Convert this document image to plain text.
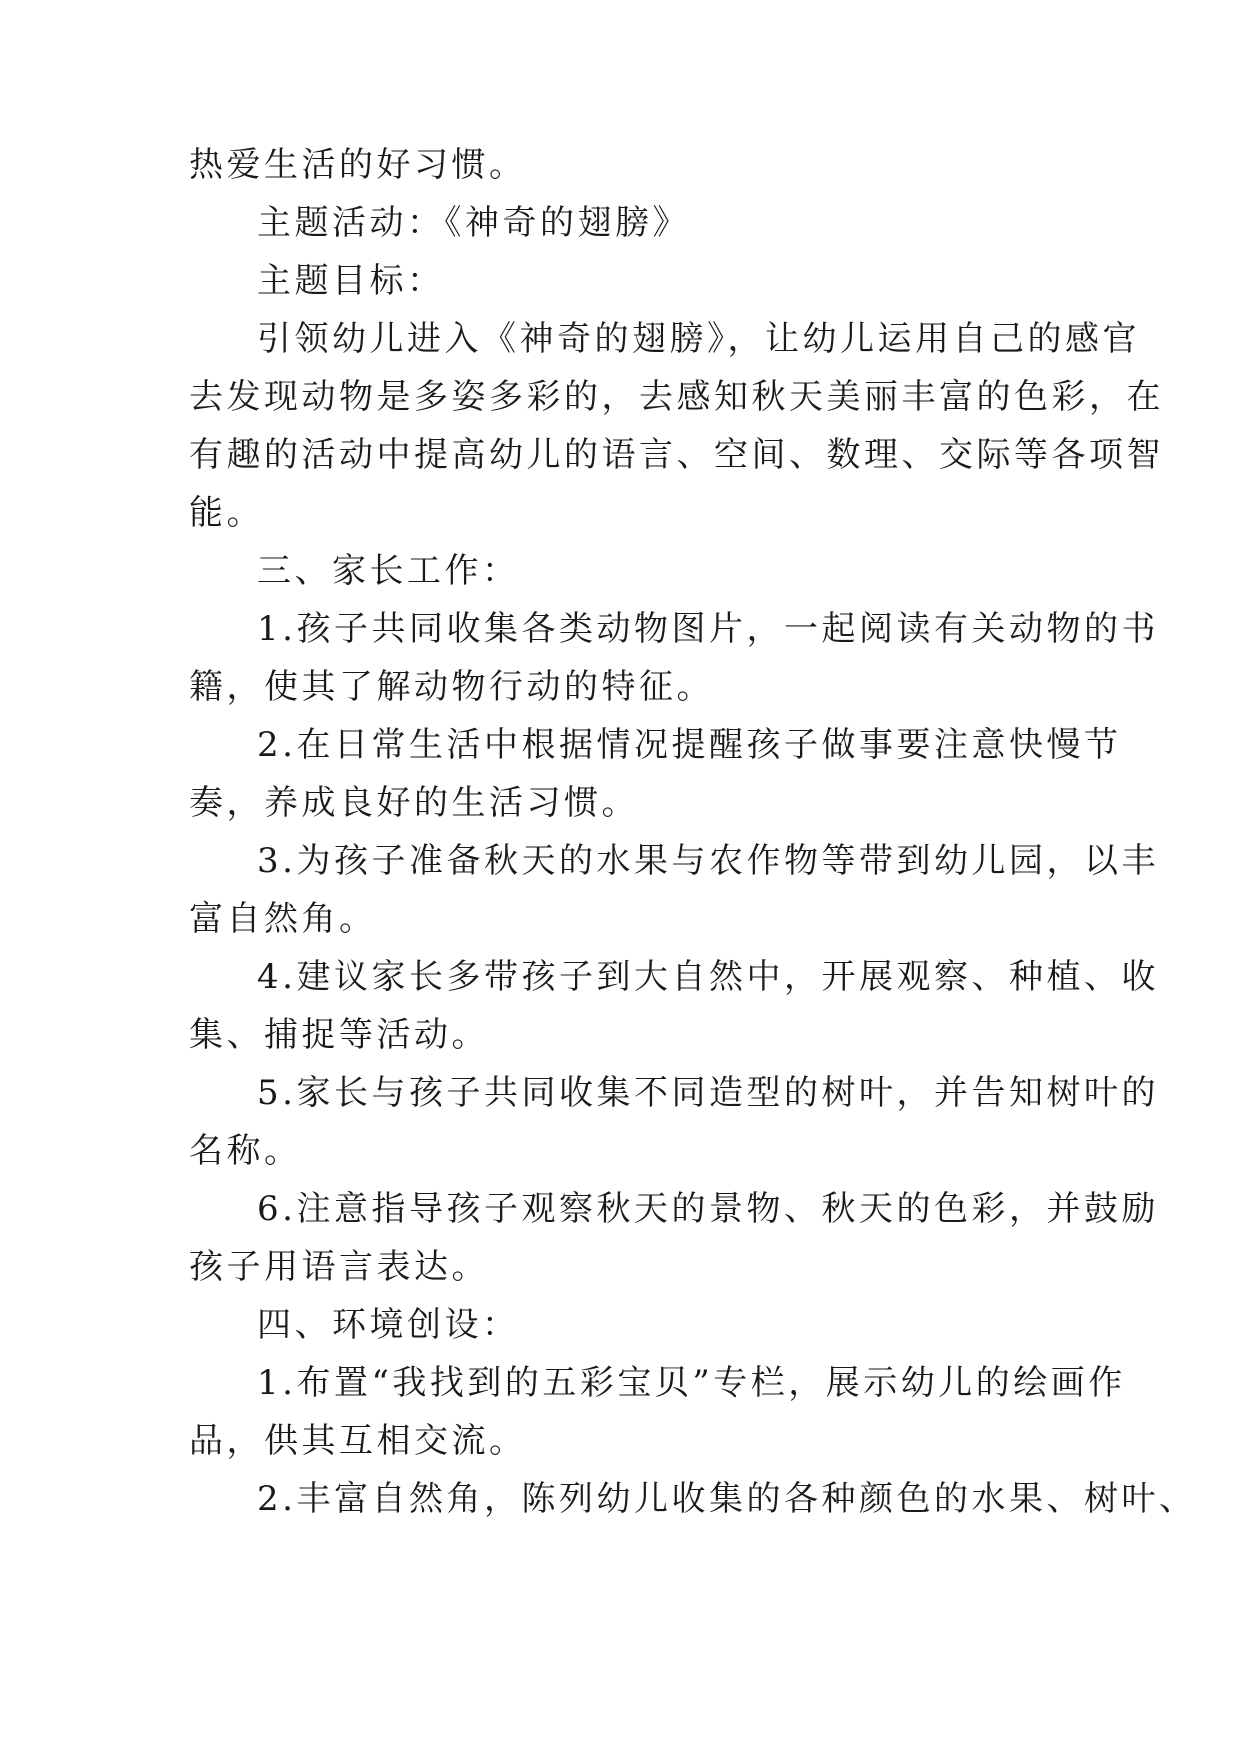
热爱生活的好习惯。
主题活动：《神奇的翅膀》
主题目标：
引领幼儿进入《神奇的翅膀》，让幼儿运用自己的感官
去发现动物是多姿多彩的，去感知秋天美丽丰富的色彩，在
有趣的活动中提高幼儿的语言、空间、数理、交际等各项智
能。
三、家长工作：
1.孩子共同收集各类动物图片，一起阅读有关动物的书
籍，使其了解动物行动的特征。
2.在日常生活中根据情况提醒孩子做事要注意快慢节
奏，养成良好的生活习惯。
3.为孩子准备秋天的水果与农作物等带到幼儿园，以丰
富自然角。
4.建议家长多带孩子到大自然中，开展观察、种植、收
集、捕捉等活动。
5.家长与孩子共同收集不同造型的树叶，并告知树叶的
名称。
6.注意指导孩子观察秋天的景物、秋天的色彩，并鼓励
孩子用语言表达。
四、环境创设：
1.布置“我找到的五彩宝贝”专栏，展示幼儿的绘画作
品，供其互相交流。
2.丰富自然角，陈列幼儿收集的各种颜色的水果、树叶、
